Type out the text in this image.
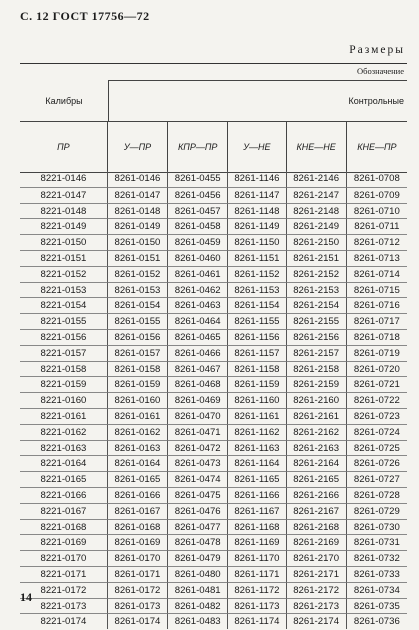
С. 12 ГОСТ 17756—72
Размеры
Обозначение
Калибры	Контрольные
ПР	У—ПР	КПР—ПР	У—НЕ	КНЕ—НЕ	КНЕ—ПР
8221-0146	8261-0146	8261-0455	8261-1146	8261-2146	8261-0708
8221-0147	8261-0147	8261-0456	8261-1147	8261-2147	8261-0709
8221-0148	8261-0148	8261-0457	8261-1148	8261-2148	8261-0710
8221-0149	8261-0149	8261-0458	8261-1149	8261-2149	8261-0711
8221-0150	8261-0150	8261-0459	8261-1150	8261-2150	8261-0712
8221-0151	8261-0151	8261-0460	8261-1151	8261-2151	8261-0713
8221-0152	8261-0152	8261-0461	8261-1152	8261-2152	8261-0714
8221-0153	8261-0153	8261-0462	8261-1153	8261-2153	8261-0715
8221-0154	8261-0154	8261-0463	8261-1154	8261-2154	8261-0716
8221-0155	8261-0155	8261-0464	8261-1155	8261-2155	8261-0717
8221-0156	8261-0156	8261-0465	8261-1156	8261-2156	8261-0718
8221-0157	8261-0157	8261-0466	8261-1157	8261-2157	8261-0719
8221-0158	8261-0158	8261-0467	8261-1158	8261-2158	8261-0720
8221-0159	8261-0159	8261-0468	8261-1159	8261-2159	8261-0721
8221-0160	8261-0160	8261-0469	8261-1160	8261-2160	8261-0722
8221-0161	8261-0161	8261-0470	8261-1161	8261-2161	8261-0723
8221-0162	8261-0162	8261-0471	8261-1162	8261-2162	8261-0724
8221-0163	8261-0163	8261-0472	8261-1163	8261-2163	8261-0725
8221-0164	8261-0164	8261-0473	8261-1164	8261-2164	8261-0726
8221-0165	8261-0165	8261-0474	8261-1165	8261-2165	8261-0727
8221-0166	8261-0166	8261-0475	8261-1166	8261-2166	8261-0728
8221-0167	8261-0167	8261-0476	8261-1167	8261-2167	8261-0729
8221-0168	8261-0168	8261-0477	8261-1168	8261-2168	8261-0730
8221-0169	8261-0169	8261-0478	8261-1169	8261-2169	8261-0731
8221-0170	8261-0170	8261-0479	8261-1170	8261-2170	8261-0732
8221-0171	8261-0171	8261-0480	8261-1171	8261-2171	8261-0733
8221-0172	8261-0172	8261-0481	8261-1172	8261-2172	8261-0734
8221-0173	8261-0173	8261-0482	8261-1173	8261-2173	8261-0735
8221-0174	8261-0174	8261-0483	8261-1174	8261-2174	8261-0736
14
